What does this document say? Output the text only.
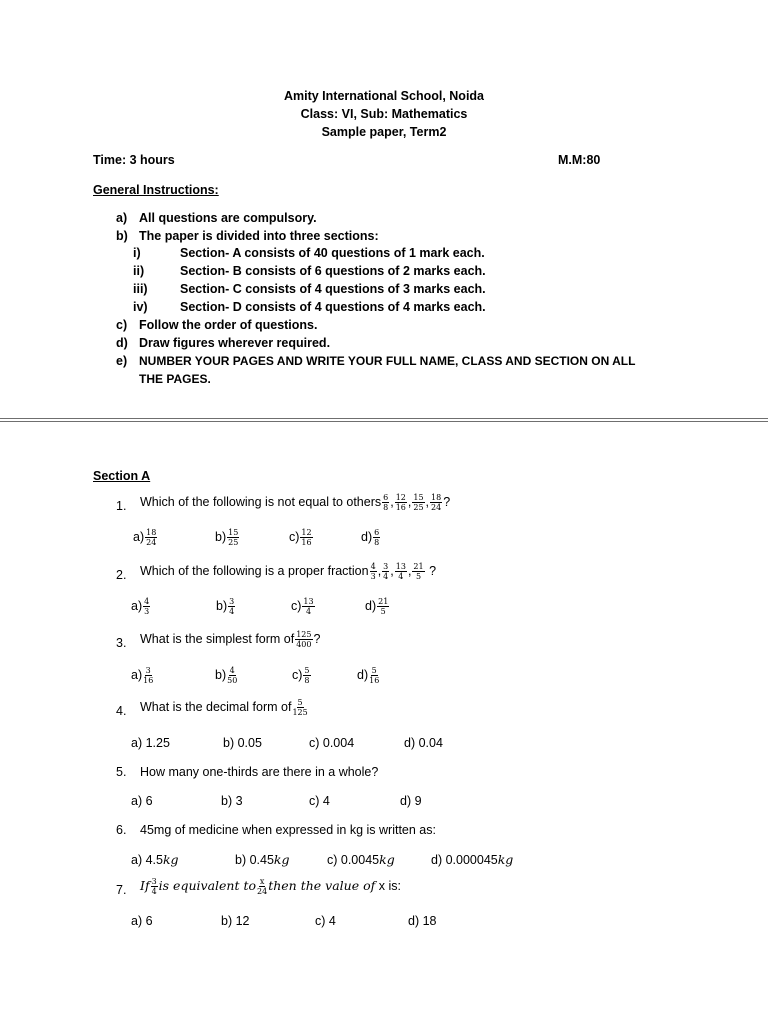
Amity International School, Noida
Class: VI, Sub: Mathematics
Sample paper, Term2
Time: 3 hours	M.M:80
General Instructions:
a) All questions are compulsory.
b) The paper is divided into three sections:
i)	Section- A consists of 40 questions of 1 mark each.
ii)	Section- B consists of 6 questions of 2 marks each.
iii)	Section- C consists of 4 questions of 3 marks each.
iv)	Section- D consists of 4 questions of 4 marks each.
c) Follow the order of questions.
d) Draw figures wherever required.
e) NUMBER YOUR PAGES AND WRITE YOUR FULL NAME, CLASS AND SECTION ON ALL
THE PAGES.
Section A
1. Which of the following is not equal to others $\frac{6}{8}$ , $\frac{12}{16}$ , $\frac{15}{25}$ , $\frac{18}{24}$ ?
$a) \frac{18}{24}$	$b) \frac{15}{25}$	$c) \frac{12}{16}$	$d) \frac{6}{8}$
2. Which of the following is a proper fraction $\frac{4}{3}$ , $\frac{3}{4}$ , $\frac{13}{4}$ , $\frac{21}{5}$ ?
$a) \frac{4}{3}$	$b) \frac{3}{4}$	$c) \frac{13}{4}$	$d) \frac{21}{5}$
3. What is the simplest form of $\frac{125}{400}$ ?
$a) \frac{3}{16}$	$b) \frac{4}{50}$	$c) \frac{5}{8}$	$d) \frac{5}{16}$
4. What is the decimal form of $\frac{5}{125}$
a) 1.25	b) 0.05	c) 0.004	d) 0.04
5. How many one-thirds are there in a whole?
a) 6	b) 3	c) 4	d) 9
6. 45mg of medicine when expressed in kg is written as:
a) 4.5kg	b) 0.45kg	c) 0.0045kg	d) 0.000045kg
7. If $\frac{3}{4}$ is equivalent to $\frac{x}{24}$ then the value of x is:
a) 6	b) 12	c) 4	d) 18
